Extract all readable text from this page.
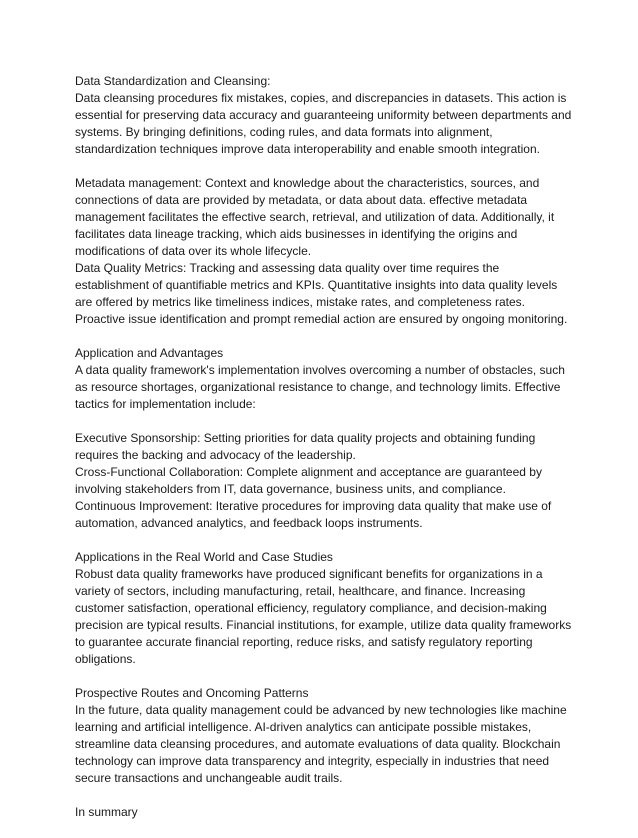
Data Standardization and Cleansing:

Data cleansing procedures fix mistakes, copies, and discrepancies in datasets. This action is essential for preserving data accuracy and guaranteeing uniformity between departments and systems. By bringing definitions, coding rules, and data formats into alignment, standardization techniques improve data interoperability and enable smooth integration.

Metadata management: Context and knowledge about the characteristics, sources, and connections of data are provided by metadata, or data about data. effective metadata management facilitates the effective search, retrieval, and utilization of data. Additionally, it facilitates data lineage tracking, which aids businesses in identifying the origins and modifications of data over its whole lifecycle.

Data Quality Metrics: Tracking and assessing data quality over time requires the establishment of quantifiable metrics and KPIs. Quantitative insights into data quality levels are offered by metrics like timeliness indices, mistake rates, and completeness rates. Proactive issue identification and prompt remedial action are ensured by ongoing monitoring.

Application and Advantages

A data quality framework's implementation involves overcoming a number of obstacles, such as resource shortages, organizational resistance to change, and technology limits. Effective tactics for implementation include:

Executive Sponsorship: Setting priorities for data quality projects and obtaining funding requires the backing and advocacy of the leadership.

Cross-Functional Collaboration: Complete alignment and acceptance are guaranteed by involving stakeholders from IT, data governance, business units, and compliance.

Continuous Improvement: Iterative procedures for improving data quality that make use of automation, advanced analytics, and feedback loops instruments.

Applications in the Real World and Case Studies

Robust data quality frameworks have produced significant benefits for organizations in a variety of sectors, including manufacturing, retail, healthcare, and finance. Increasing customer satisfaction, operational efficiency, regulatory compliance, and decision-making precision are typical results. Financial institutions, for example, utilize data quality frameworks to guarantee accurate financial reporting, reduce risks, and satisfy regulatory reporting obligations.

Prospective Routes and Oncoming Patterns

In the future, data quality management could be advanced by new technologies like machine learning and artificial intelligence. AI-driven analytics can anticipate possible mistakes, streamline data cleansing procedures, and automate evaluations of data quality. Blockchain technology can improve data transparency and integrity, especially in industries that need secure transactions and unchangeable audit trails.

In summary
